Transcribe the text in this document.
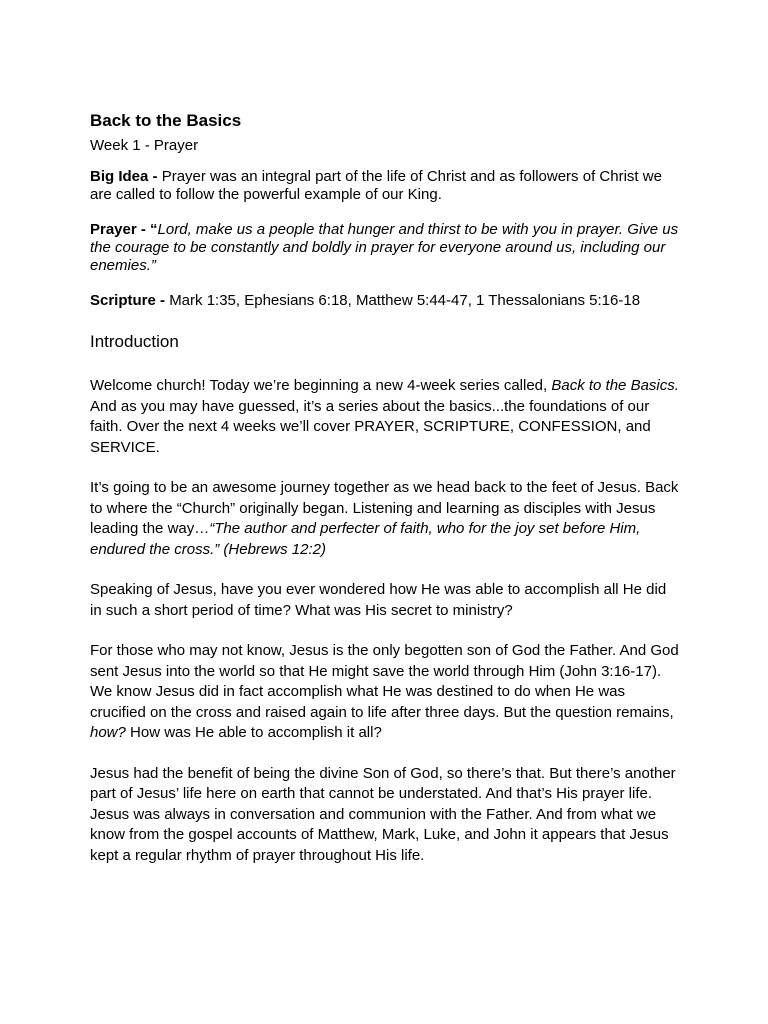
Back to the Basics

Week 1 - Prayer

Big Idea - Prayer was an integral part of the life of Christ and as followers of Christ we are called to follow the powerful example of our King.

Prayer - “Lord, make us a people that hunger and thirst to be with you in prayer. Give us the courage to be constantly and boldly in prayer for everyone around us, including our enemies.”

Scripture - Mark 1:35, Ephesians 6:18, Matthew 5:44-47, 1 Thessalonians 5:16-18

Introduction

Welcome church! Today we’re beginning a new 4-week series called, Back to the Basics. And as you may have guessed, it’s a series about the basics...the foundations of our faith. Over the next 4 weeks we’ll cover PRAYER, SCRIPTURE, CONFESSION, and SERVICE.

It’s going to be an awesome journey together as we head back to the feet of Jesus. Back to where the “Church” originally began. Listening and learning as disciples with Jesus leading the way…“The author and perfecter of faith, who for the joy set before Him, endured the cross.” (Hebrews 12:2)

Speaking of Jesus, have you ever wondered how He was able to accomplish all He did in such a short period of time? What was His secret to ministry?

For those who may not know, Jesus is the only begotten son of God the Father. And God sent Jesus into the world so that He might save the world through Him (John 3:16-17). We know Jesus did in fact accomplish what He was destined to do when He was crucified on the cross and raised again to life after three days. But the question remains, how? How was He able to accomplish it all?

Jesus had the benefit of being the divine Son of God, so there’s that. But there’s another part of Jesus’ life here on earth that cannot be understated. And that’s His prayer life. Jesus was always in conversation and communion with the Father. And from what we know from the gospel accounts of Matthew, Mark, Luke, and John it appears that Jesus kept a regular rhythm of prayer throughout His life.
